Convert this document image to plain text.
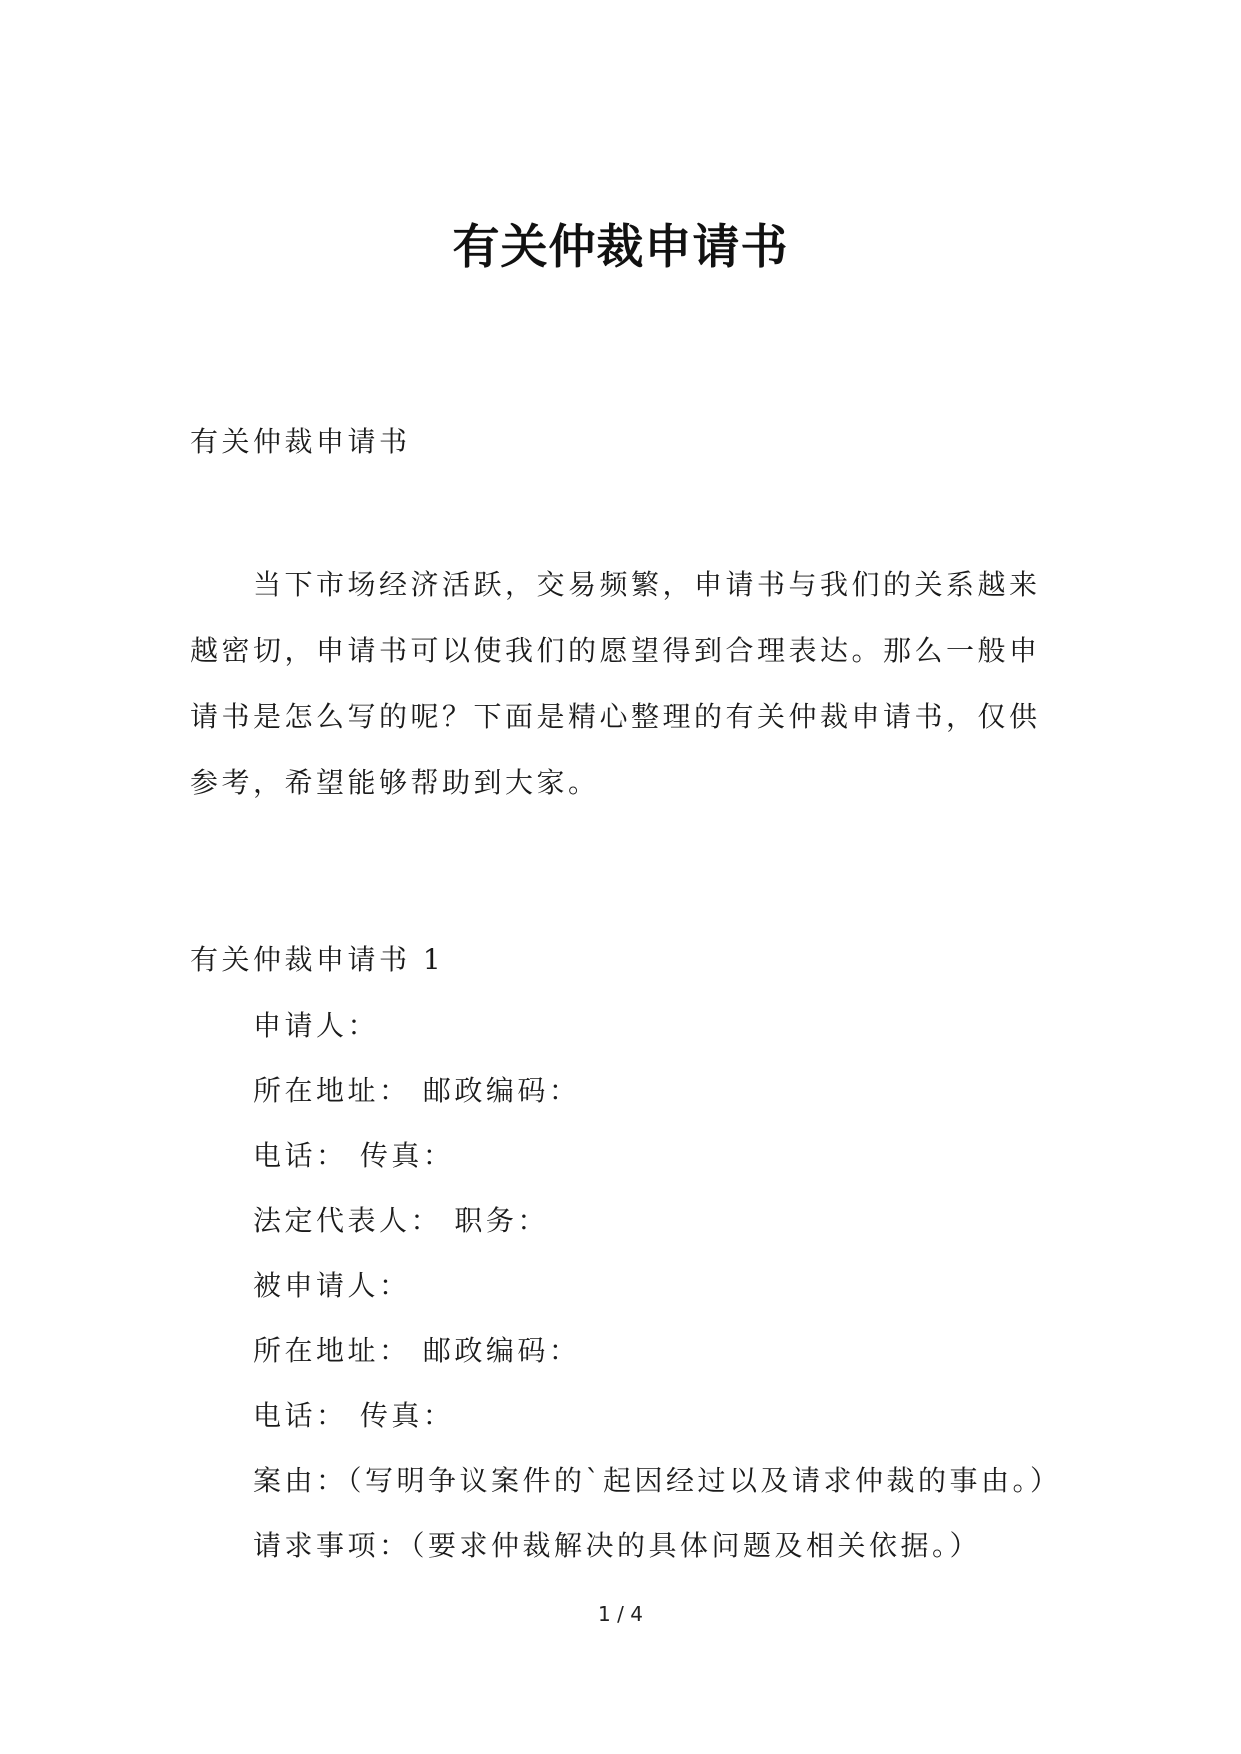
有关仲裁申请书
有关仲裁申请书

当下市场经济活跃，交易频繁，申请书与我们的关系越来越密切，申请书可以使我们的愿望得到合理表达。那么一般申请书是怎么写的呢？下面是精心整理的有关仲裁申请书，仅供参考，希望能够帮助到大家。

有关仲裁申请书 1
申请人：
所在地址： 邮政编码：
电话： 传真：
法定代表人： 职务：
被申请人：
所在地址： 邮政编码：
电话： 传真：
案由：（写明争议案件的`起因经过以及请求仲裁的事由。）
请求事项：（要求仲裁解决的具体问题及相关依据。）
1 / 4
